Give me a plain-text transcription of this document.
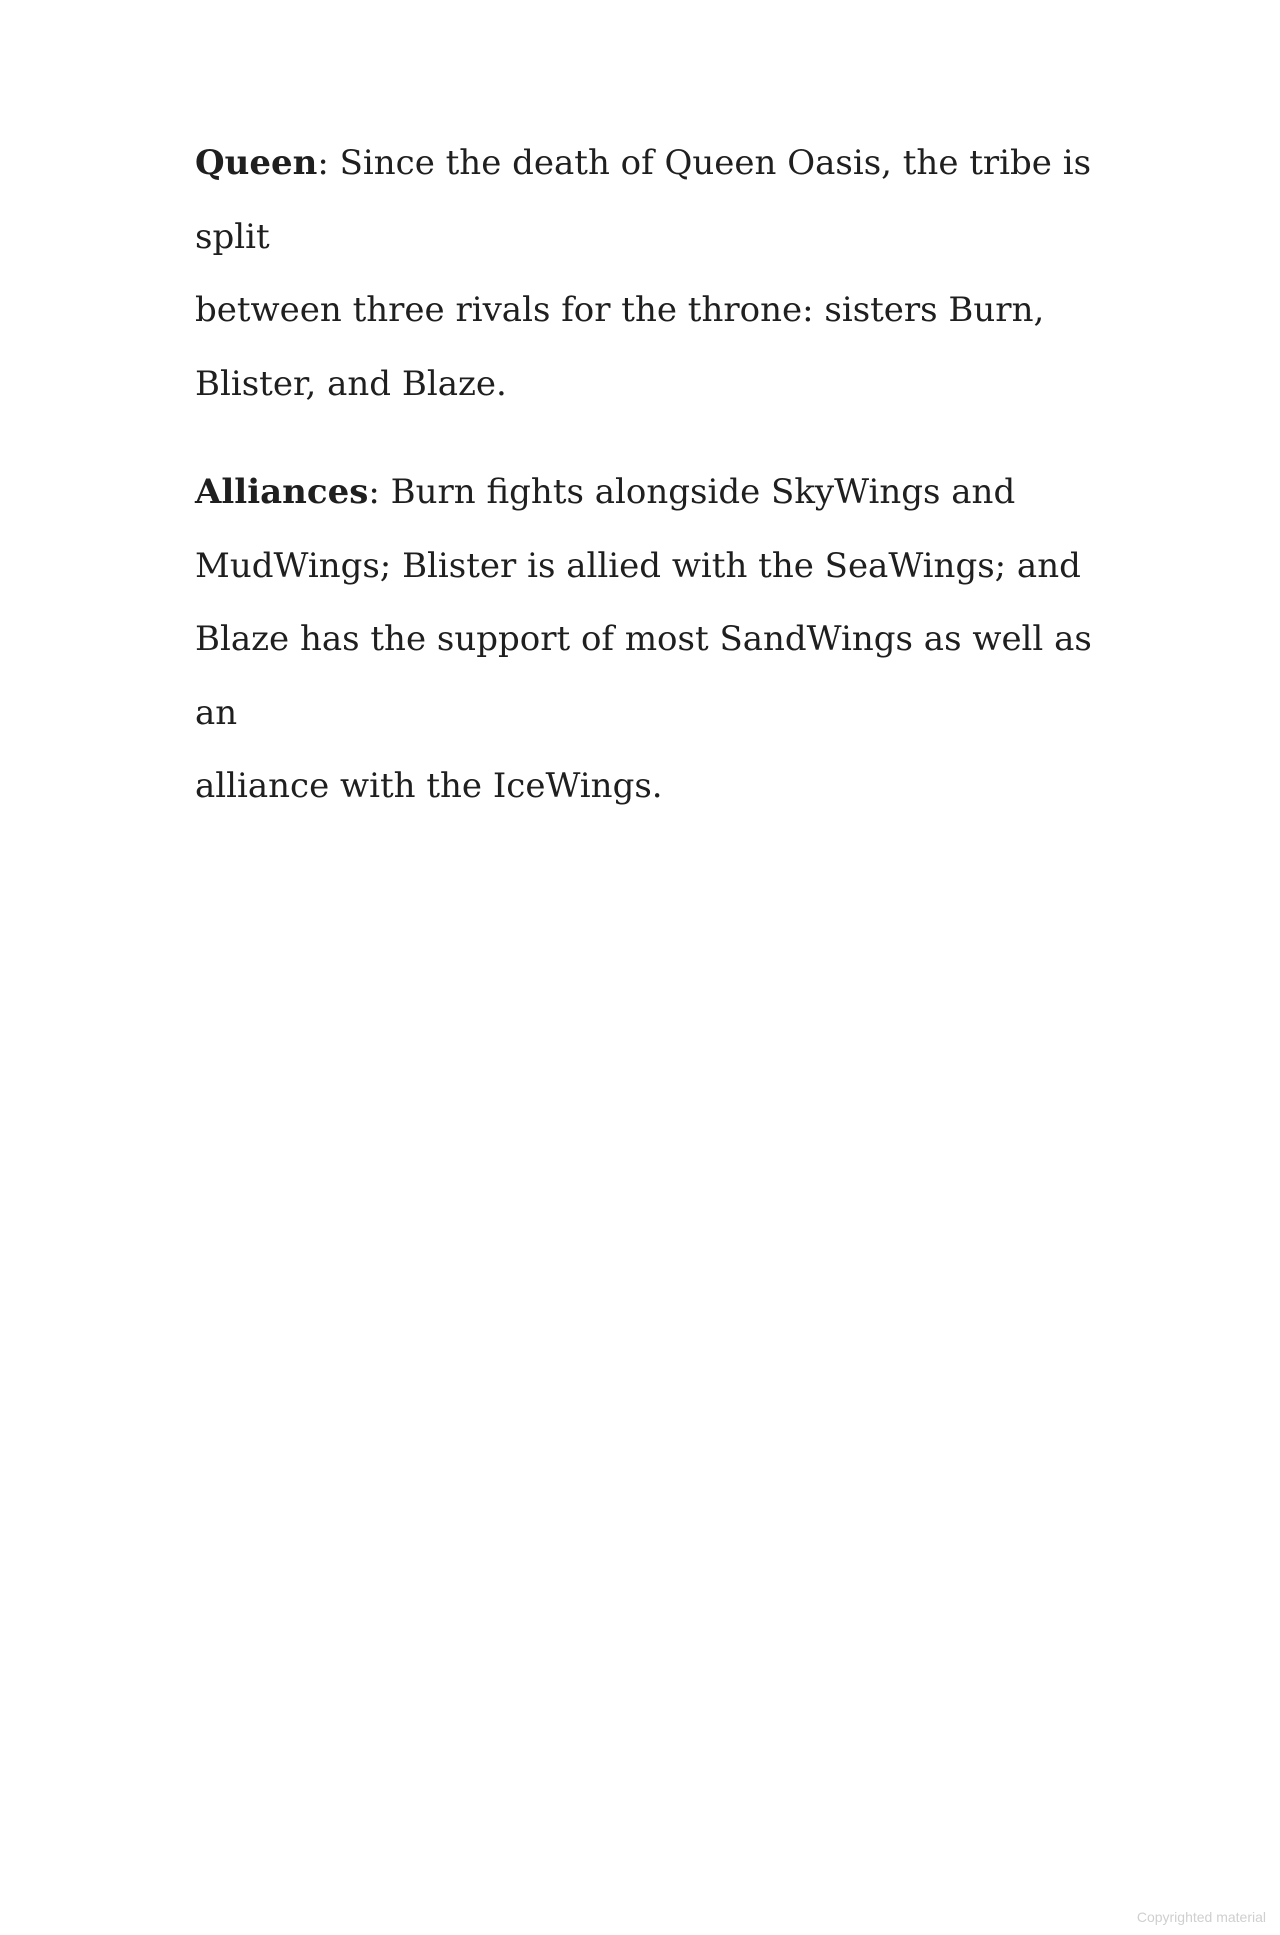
Queen: Since the death of Queen Oasis, the tribe is split
between three rivals for the throne: sisters Burn,
Blister, and Blaze.

Alliances: Burn fights alongside SkyWings and
MudWings; Blister is allied with the SeaWings; and
Blaze has the support of most SandWings as well as an
alliance with the IceWings.

Copyrighted material
